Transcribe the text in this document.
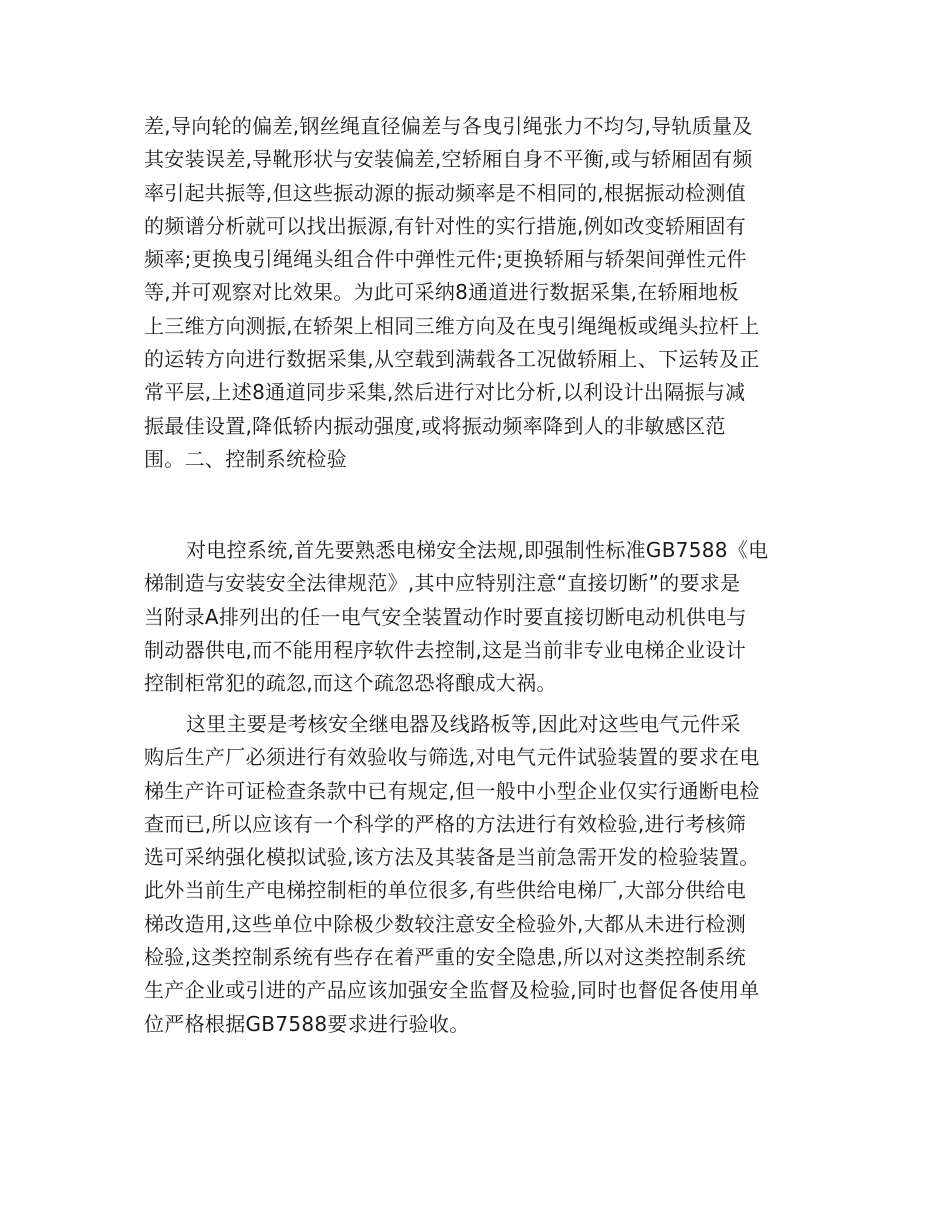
差,导向轮的偏差,钢丝绳直径偏差与各曳引绳张力不均匀,导轨质量及
其安装误差,导靴形状与安装偏差,空轿厢自身不平衡,或与轿厢固有频
率引起共振等,但这些振动源的振动频率是不相同的,根据振动检测值
的频谱分析就可以找出振源,有针对性的实行措施,例如改变轿厢固有
频率;更换曳引绳绳头组合件中弹性元件;更换轿厢与轿架间弹性元件
等,并可观察对比效果。为此可采纳8通道进行数据采集,在轿厢地板
上三维方向测振,在轿架上相同三维方向及在曳引绳绳板或绳头拉杆上
的运转方向进行数据采集,从空载到满载各工况做轿厢上、下运转及正
常平层,上述8通道同步采集,然后进行对比分析,以利设计出隔振与减
振最佳设置,降低轿内振动强度,或将振动频率降到人的非敏感区范
围。二、控制系统检验
对电控系统,首先要熟悉电梯安全法规,即强制性标准GB7588《电
梯制造与安装安全法律规范》,其中应特别注意“直接切断”的要求是
当附录A排列出的任一电气安全装置动作时要直接切断电动机供电与
制动器供电,而不能用程序软件去控制,这是当前非专业电梯企业设计
控制柜常犯的疏忽,而这个疏忽恐将酿成大祸。
这里主要是考核安全继电器及线路板等,因此对这些电气元件采
购后生产厂必须进行有效验收与筛选,对电气元件试验装置的要求在电
梯生产许可证检查条款中已有规定,但一般中小型企业仅实行通断电检
查而已,所以应该有一个科学的严格的方法进行有效检验,进行考核筛
选可采纳强化模拟试验,该方法及其装备是当前急需开发的检验装置。
此外当前生产电梯控制柜的单位很多,有些供给电梯厂,大部分供给电
梯改造用,这些单位中除极少数较注意安全检验外,大都从未进行检测
检验,这类控制系统有些存在着严重的安全隐患,所以对这类控制系统
生产企业或引进的产品应该加强安全监督及检验,同时也督促各使用单
位严格根据GB7588要求进行验收。
